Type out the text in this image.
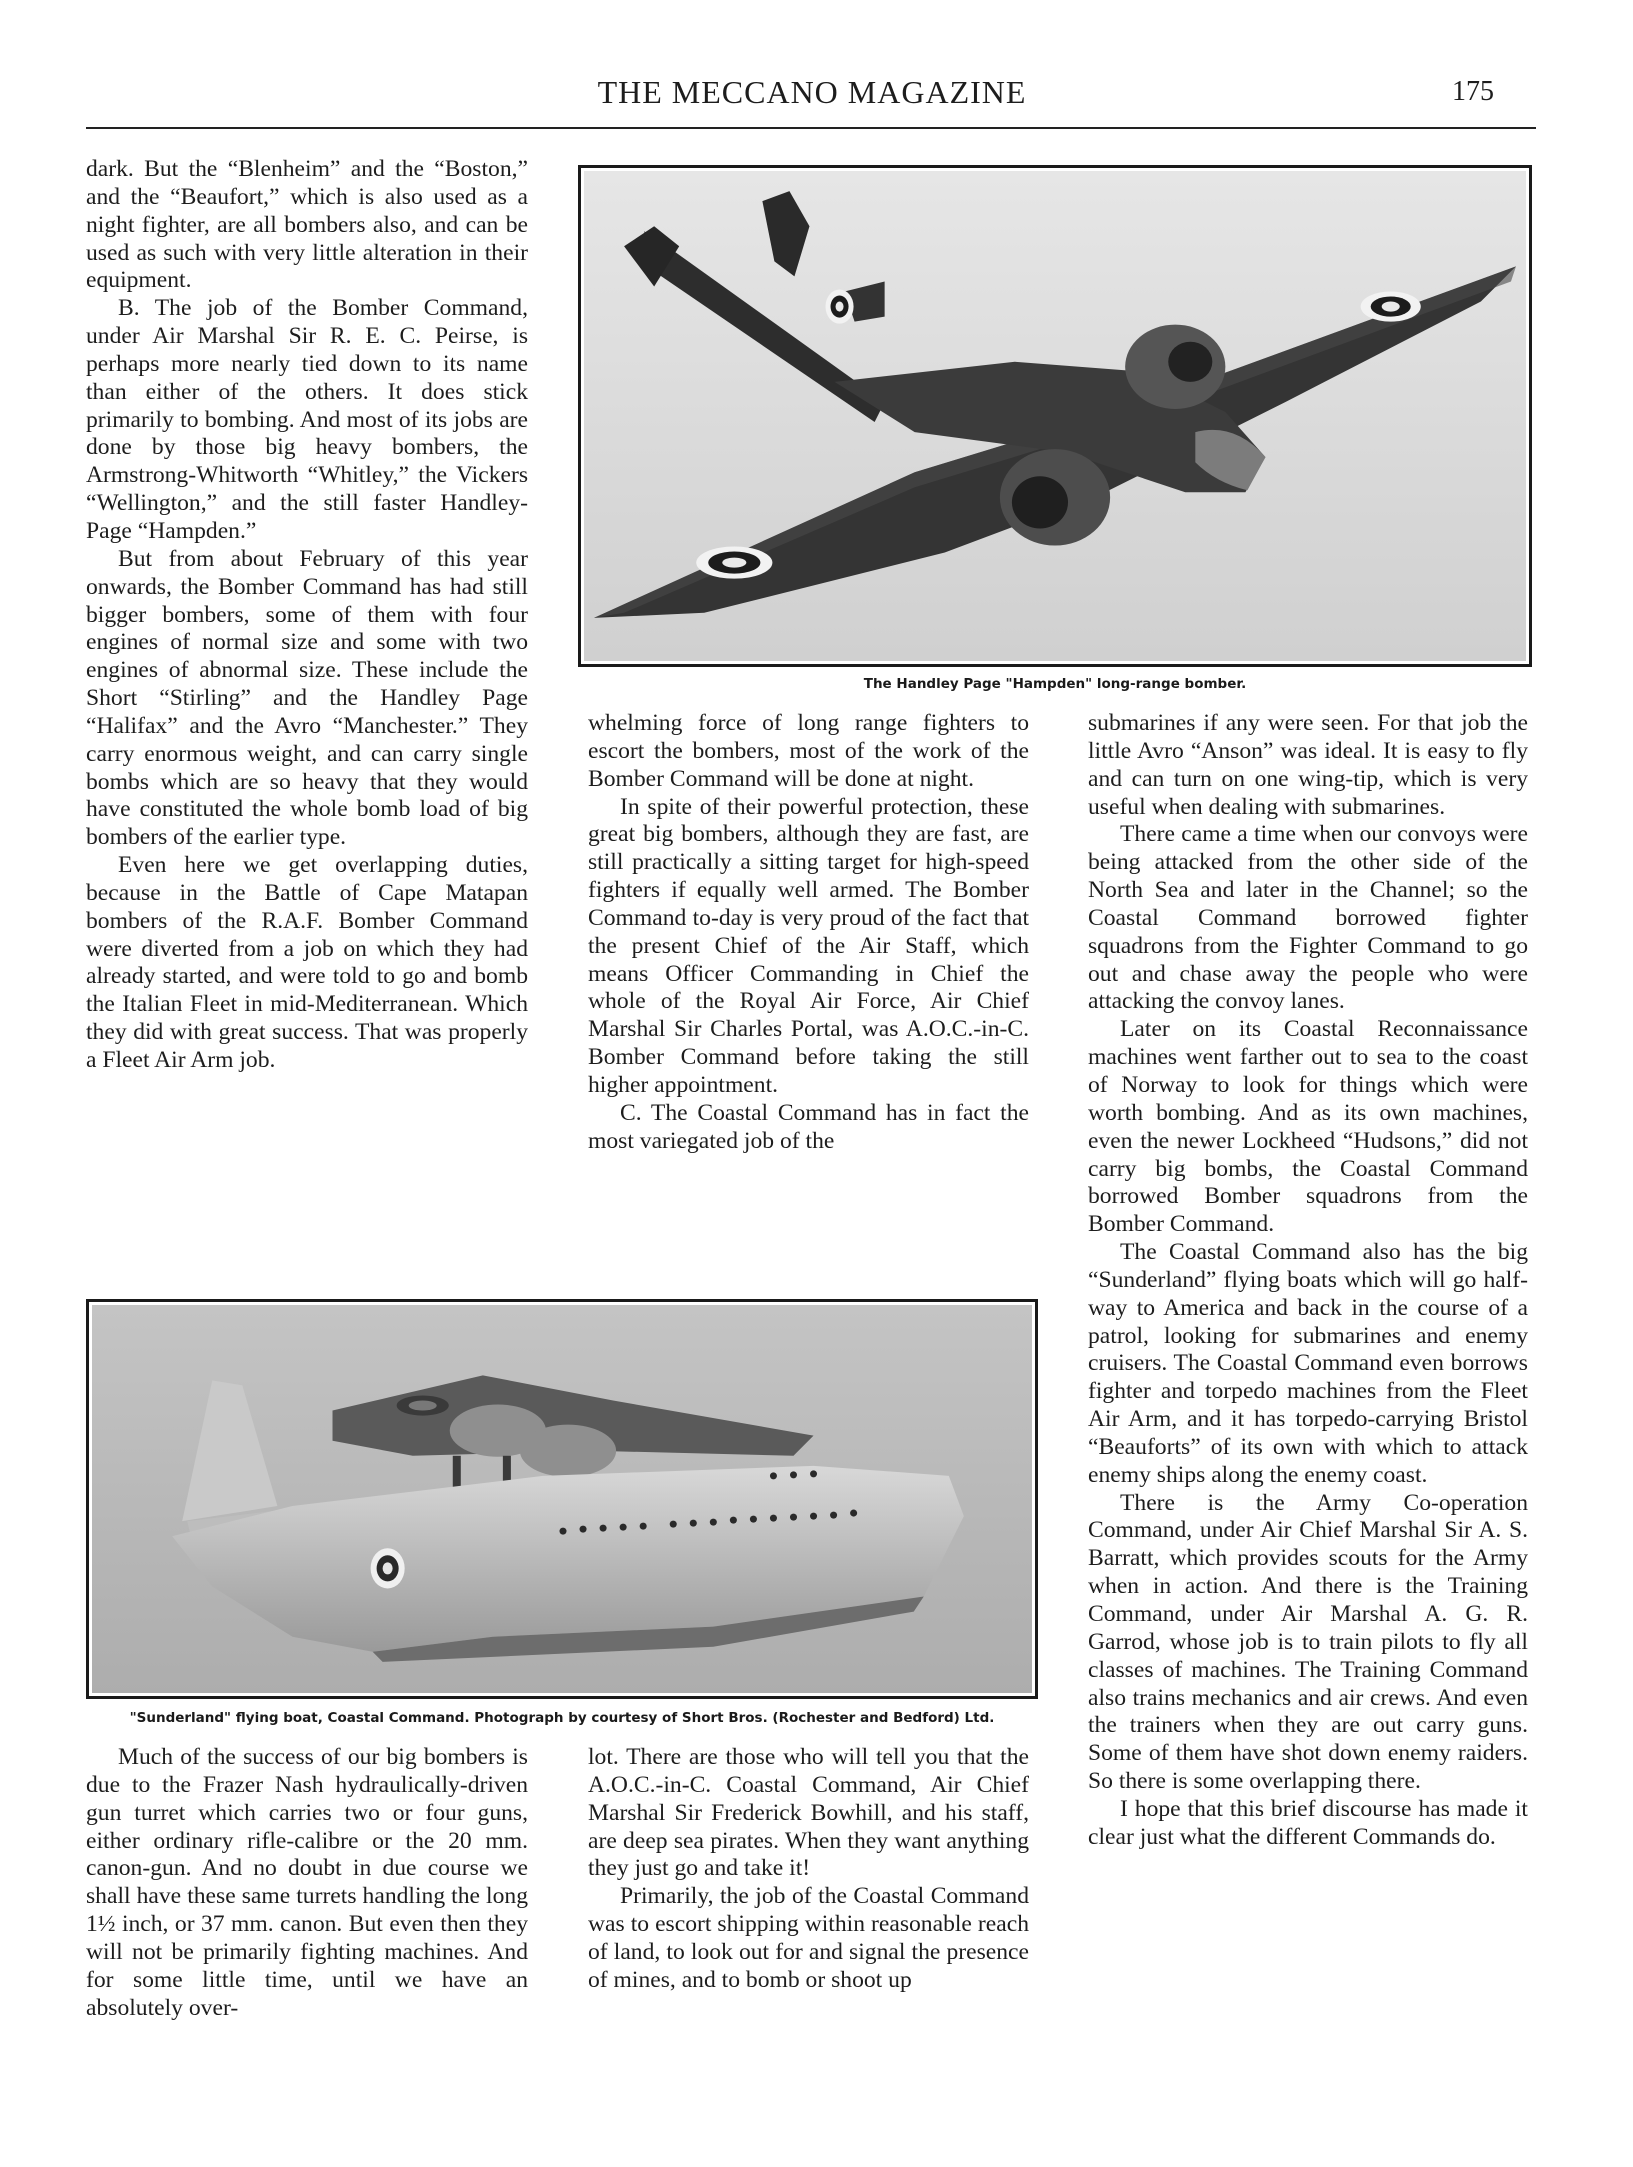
THE MECCANO MAGAZINE	175

dark. But the “Blenheim” and the “Boston,” and the “Beaufort,” which is also used as a night fighter, are all bombers also, and can be used as such with very little alteration in their equipment.

B. The job of the Bomber Command, under Air Marshal Sir R. E. C. Peirse, is perhaps more nearly tied down to its name than either of the others. It does stick primarily to bombing. And most of its jobs are done by those big heavy bombers, the Armstrong-Whitworth “Whitley,” the Vickers “Wellington,” and the still faster Handley-Page “Hampden.”

But from about February of this year onwards, the Bomber Command has had still bigger bombers, some of them with four engines of normal size and some with two engines of abnormal size. These include the Short “Stirling” and the Handley Page “Halifax” and the Avro “Manchester.” They carry enormous weight, and can carry single bombs which are so heavy that they would have constituted the whole bomb load of big bombers of the earlier type.

Even here we get overlapping duties, because in the Battle of Cape Matapan bombers of the R.A.F. Bomber Command were diverted from a job on which they had already started, and were told to go and bomb the Italian Fleet in mid-Mediterranean. Which they did with great success. That was properly a Fleet Air Arm job.

The Handley Page "Hampden" long-range bomber.

whelming force of long range fighters to escort the bombers, most of the work of the Bomber Command will be done at night.

In spite of their powerful protection, these great big bombers, although they are fast, are still practically a sitting target for high-speed fighters if equally well armed. The Bomber Command to-day is very proud of the fact that the present Chief of the Air Staff, which means Officer Commanding in Chief the whole of the Royal Air Force, Air Chief Marshal Sir Charles Portal, was A.O.C.-in-C. Bomber Command before taking the still higher appointment.

C. The Coastal Command has in fact the most variegated job of the

submarines if any were seen. For that job the little Avro “Anson” was ideal. It is easy to fly and can turn on one wing-tip, which is very useful when dealing with submarines.

There came a time when our convoys were being attacked from the other side of the North Sea and later in the Channel; so the Coastal Command borrowed fighter squadrons from the Fighter Command to go out and chase away the people who were attacking the convoy lanes.

Later on its Coastal Reconnaissance machines went farther out to sea to the coast of Norway to look for things which were worth bombing. And as its own machines, even the newer Lockheed “Hudsons,” did not carry big bombs, the Coastal Command borrowed Bomber squadrons from the Bomber Command.

The Coastal Command also has the big “Sunderland” flying boats which will go half-way to America and back in the course of a patrol, looking for submarines and enemy cruisers. The Coastal Command even borrows fighter and torpedo machines from the Fleet Air Arm, and it has torpedo-carrying Bristol “Beauforts” of its own with which to attack enemy ships along the enemy coast.

There is the Army Co-operation Command, under Air Chief Marshal Sir A. S. Barratt, which provides scouts for the Army when in action. And there is the Training Command, under Air Marshal A. G. R. Garrod, whose job is to train pilots to fly all classes of machines. The Training Command also trains mechanics and air crews. And even the trainers when they are out carry guns. Some of them have shot down enemy raiders. So there is some overlapping there.

I hope that this brief discourse has made it clear just what the different Commands do.

"Sunderland" flying boat, Coastal Command. Photograph by courtesy of Short Bros. (Rochester and Bedford) Ltd.

Much of the success of our big bombers is due to the Frazer Nash hydraulically-driven gun turret which carries two or four guns, either ordinary rifle-calibre or the 20 mm. canon-gun. And no doubt in due course we shall have these same turrets handling the long 1½ inch, or 37 mm. canon. But even then they will not be primarily fighting machines. And for some little time, until we have an absolutely over-

lot. There are those who will tell you that the A.O.C.-in-C. Coastal Command, Air Chief Marshal Sir Frederick Bowhill, and his staff, are deep sea pirates. When they want anything they just go and take it!

Primarily, the job of the Coastal Command was to escort shipping within reasonable reach of land, to look out for and signal the presence of mines, and to bomb or shoot up
